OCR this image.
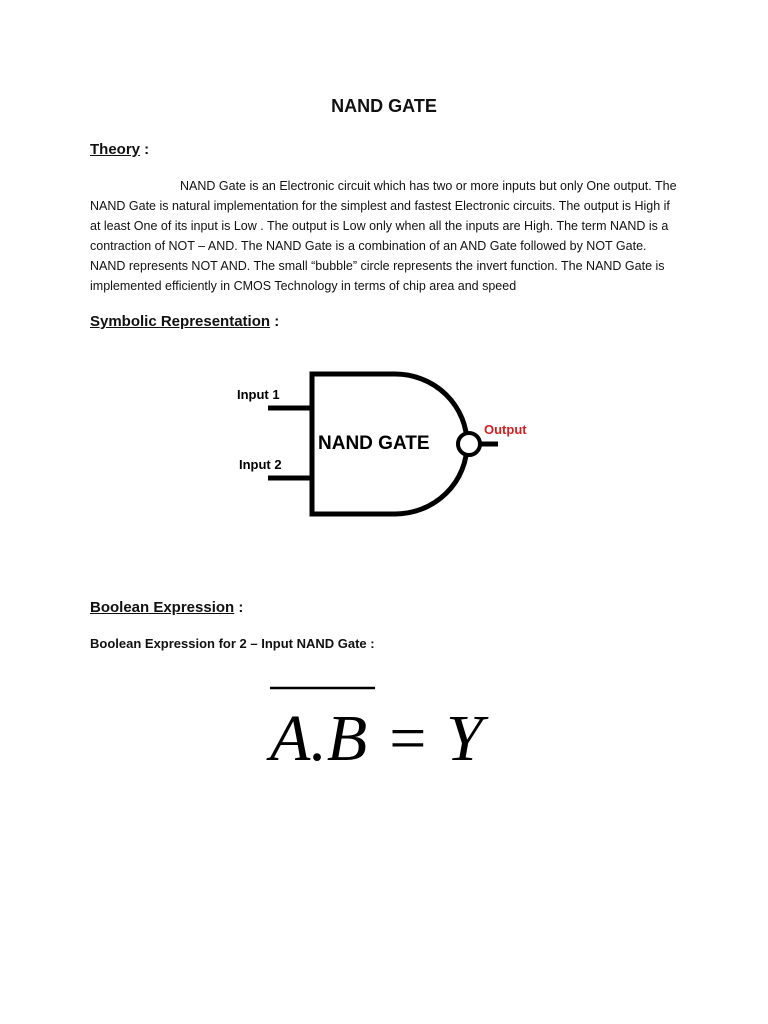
NAND GATE
Theory :
NAND Gate is an Electronic circuit which has two or more inputs but only One output. The NAND Gate is natural implementation for the simplest and fastest Electronic circuits. The output is High if at least One of its input is Low . The output is Low only when all the inputs are High. The term NAND is a contraction of NOT – AND. The NAND Gate is a combination of an AND Gate followed by NOT Gate. NAND represents NOT AND. The small “bubble” circle represents the invert function. The NAND Gate is implemented efficiently in CMOS Technology in terms of chip area and speed
Symbolic Representation :
Input 1
Input 2
NAND GATE
Output
Boolean Expression :
Boolean Expression for 2 – Input NAND Gate :
A.B = Y
